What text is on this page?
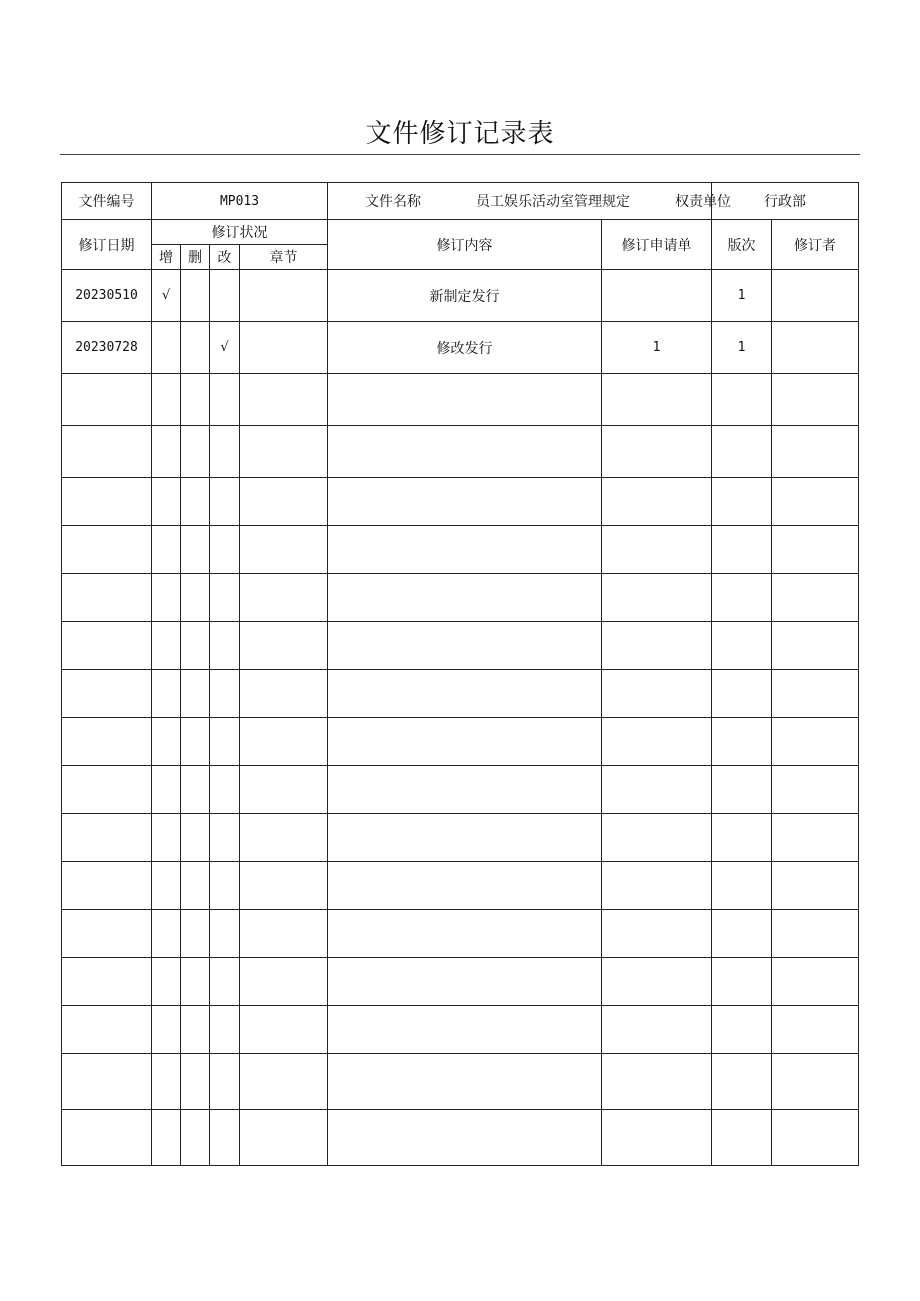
文件修订记录表
文件编号	MP013				文件名称 员工娱乐活动室管理规定 权责单位		行政部	
修订日期	修订状况				修订内容	修订申请单	版次	修订者
	增	删	改	章节				
20230510	√				新制定发行		1	
20230728			√		修改发行	1	1	
